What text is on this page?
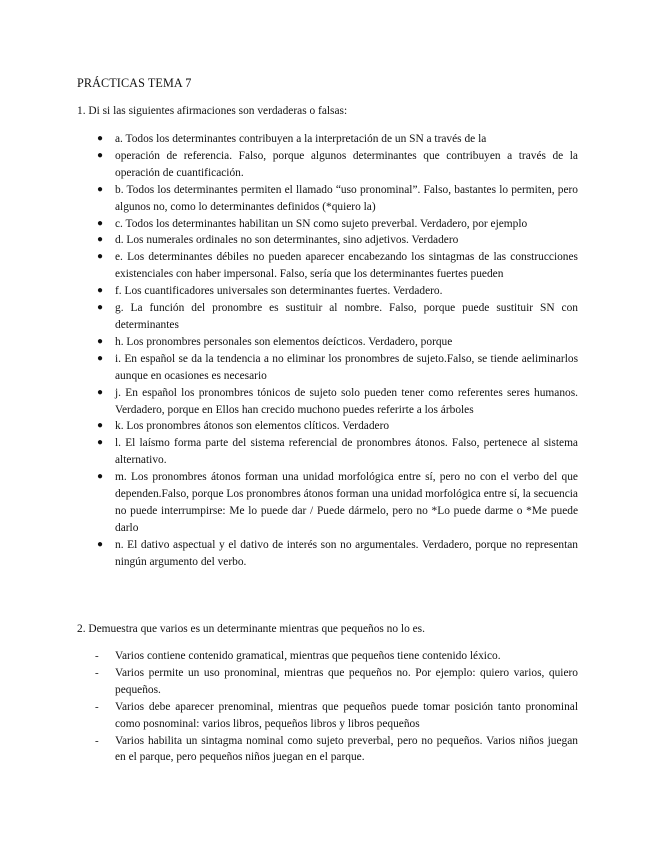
PRÁCTICAS TEMA 7
1. Di si las siguientes afirmaciones son verdaderas o falsas:
● a. Todos los determinantes contribuyen a la interpretación de un SN a través de la
● operación de referencia. Falso, porque algunos determinantes que contribuyen a través de la operación de cuantificación.
● b. Todos los determinantes permiten el llamado “uso pronominal”. Falso, bastantes lo permiten, pero algunos no, como lo determinantes definidos (*quiero la)
● c. Todos los determinantes habilitan un SN como sujeto preverbal. Verdadero, por ejemplo
● d. Los numerales ordinales no son determinantes, sino adjetivos. Verdadero
● e. Los determinantes débiles no pueden aparecer encabezando los sintagmas de las construcciones existenciales con haber impersonal. Falso, sería que los determinantes fuertes pueden
● f. Los cuantificadores universales son determinantes fuertes. Verdadero.
● g. La función del pronombre es sustituir al nombre. Falso, porque puede sustituir SN con determinantes
● h. Los pronombres personales son elementos deícticos. Verdadero, porque
● i. En español se da la tendencia a no eliminar los pronombres de sujeto.Falso, se tiende aeliminarlos aunque en ocasiones es necesario
● j. En español los pronombres tónicos de sujeto solo pueden tener como referentes seres humanos. Verdadero, porque en Ellos han crecido muchono puedes referirte a los árboles
● k. Los pronombres átonos son elementos clíticos. Verdadero
● l. El laísmo forma parte del sistema referencial de pronombres átonos. Falso, pertenece al sistema alternativo.
● m. Los pronombres átonos forman una unidad morfológica entre sí, pero no con el verbo del que dependen.Falso, porque Los pronombres átonos forman una unidad morfológica entre sí, la secuencia no puede interrumpirse: Me lo puede dar / Puede dármelo, pero no *Lo puede darme o *Me puede darlo
● n. El dativo aspectual y el dativo de interés son no argumentales. Verdadero, porque no representan ningún argumento del verbo.
2. Demuestra que varios es un determinante mientras que pequeños no lo es.
- Varios contiene contenido gramatical, mientras que pequeños tiene contenido léxico.
- Varios permite un uso pronominal, mientras que pequeños no. Por ejemplo: quiero varios, quiero pequeños.
- Varios debe aparecer prenominal, mientras que pequeños puede tomar posición tanto pronominal como posnominal: varios libros, pequeños libros y libros pequeños
- Varios habilita un sintagma nominal como sujeto preverbal, pero no pequeños. Varios niños juegan en el parque, pero pequeños niños juegan en el parque.
